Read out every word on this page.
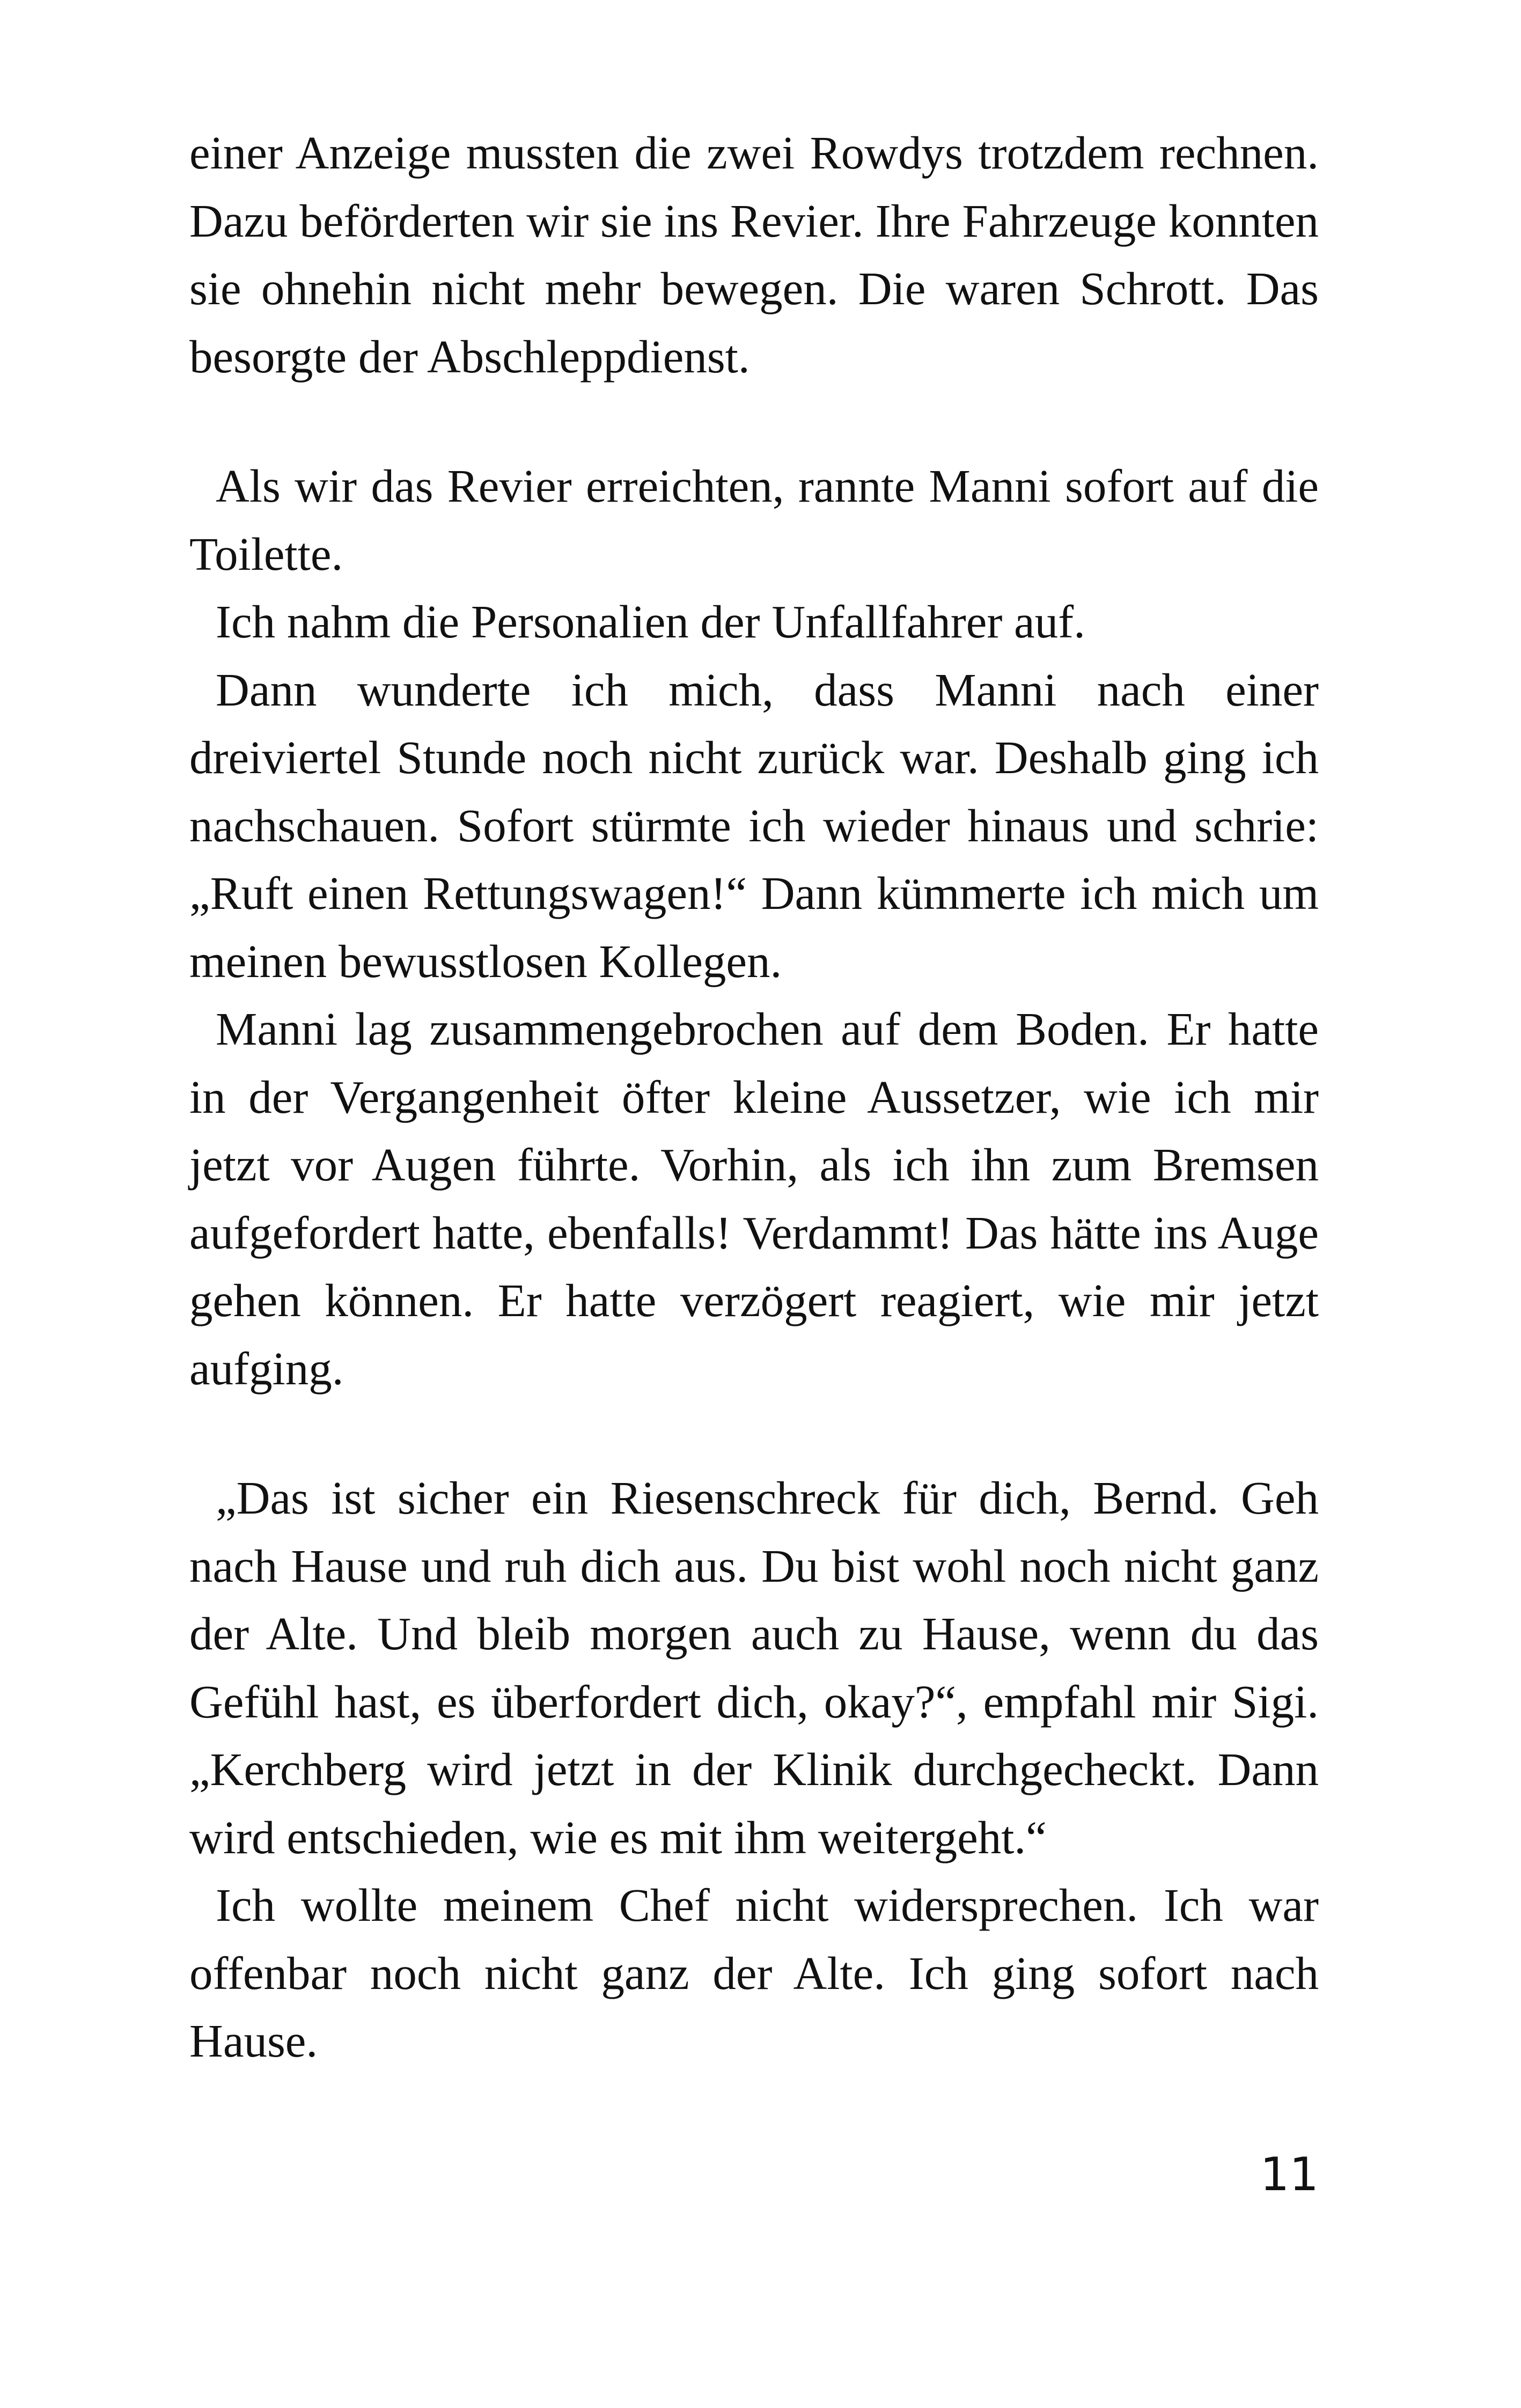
einer Anzeige mussten die zwei Rowdys trotzdem rechnen. Dazu beförderten wir sie ins Revier. Ihre Fahrzeuge konnten sie ohnehin nicht mehr bewegen. Die waren Schrott. Das besorgte der Abschleppdienst.

Als wir das Revier erreichten, rannte Manni sofort auf die Toilette.

Ich nahm die Personalien der Unfallfahrer auf.

Dann wunderte ich mich, dass Manni nach einer dreiviertel Stunde noch nicht zurück war. Deshalb ging ich nachschauen. Sofort stürmte ich wieder hinaus und schrie: „Ruft einen Rettungswagen!“ Dann kümmerte ich mich um meinen bewusstlosen Kollegen.

Manni lag zusammengebrochen auf dem Boden. Er hatte in der Vergangenheit öfter kleine Aussetzer, wie ich mir jetzt vor Augen führte. Vorhin, als ich ihn zum Bremsen aufgefordert hatte, ebenfalls! Verdammt! Das hätte ins Auge gehen können. Er hatte verzögert reagiert, wie mir jetzt aufging.

„Das ist sicher ein Riesenschreck für dich, Bernd. Geh nach Hause und ruh dich aus. Du bist wohl noch nicht ganz der Alte. Und bleib morgen auch zu Hause, wenn du das Gefühl hast, es überfordert dich, okay?“, empfahl mir Sigi. „Kerchberg wird jetzt in der Klinik durchgecheckt. Dann wird entschieden, wie es mit ihm weitergeht.“

Ich wollte meinem Chef nicht widersprechen. Ich war offenbar noch nicht ganz der Alte. Ich ging sofort nach Hause.

11
